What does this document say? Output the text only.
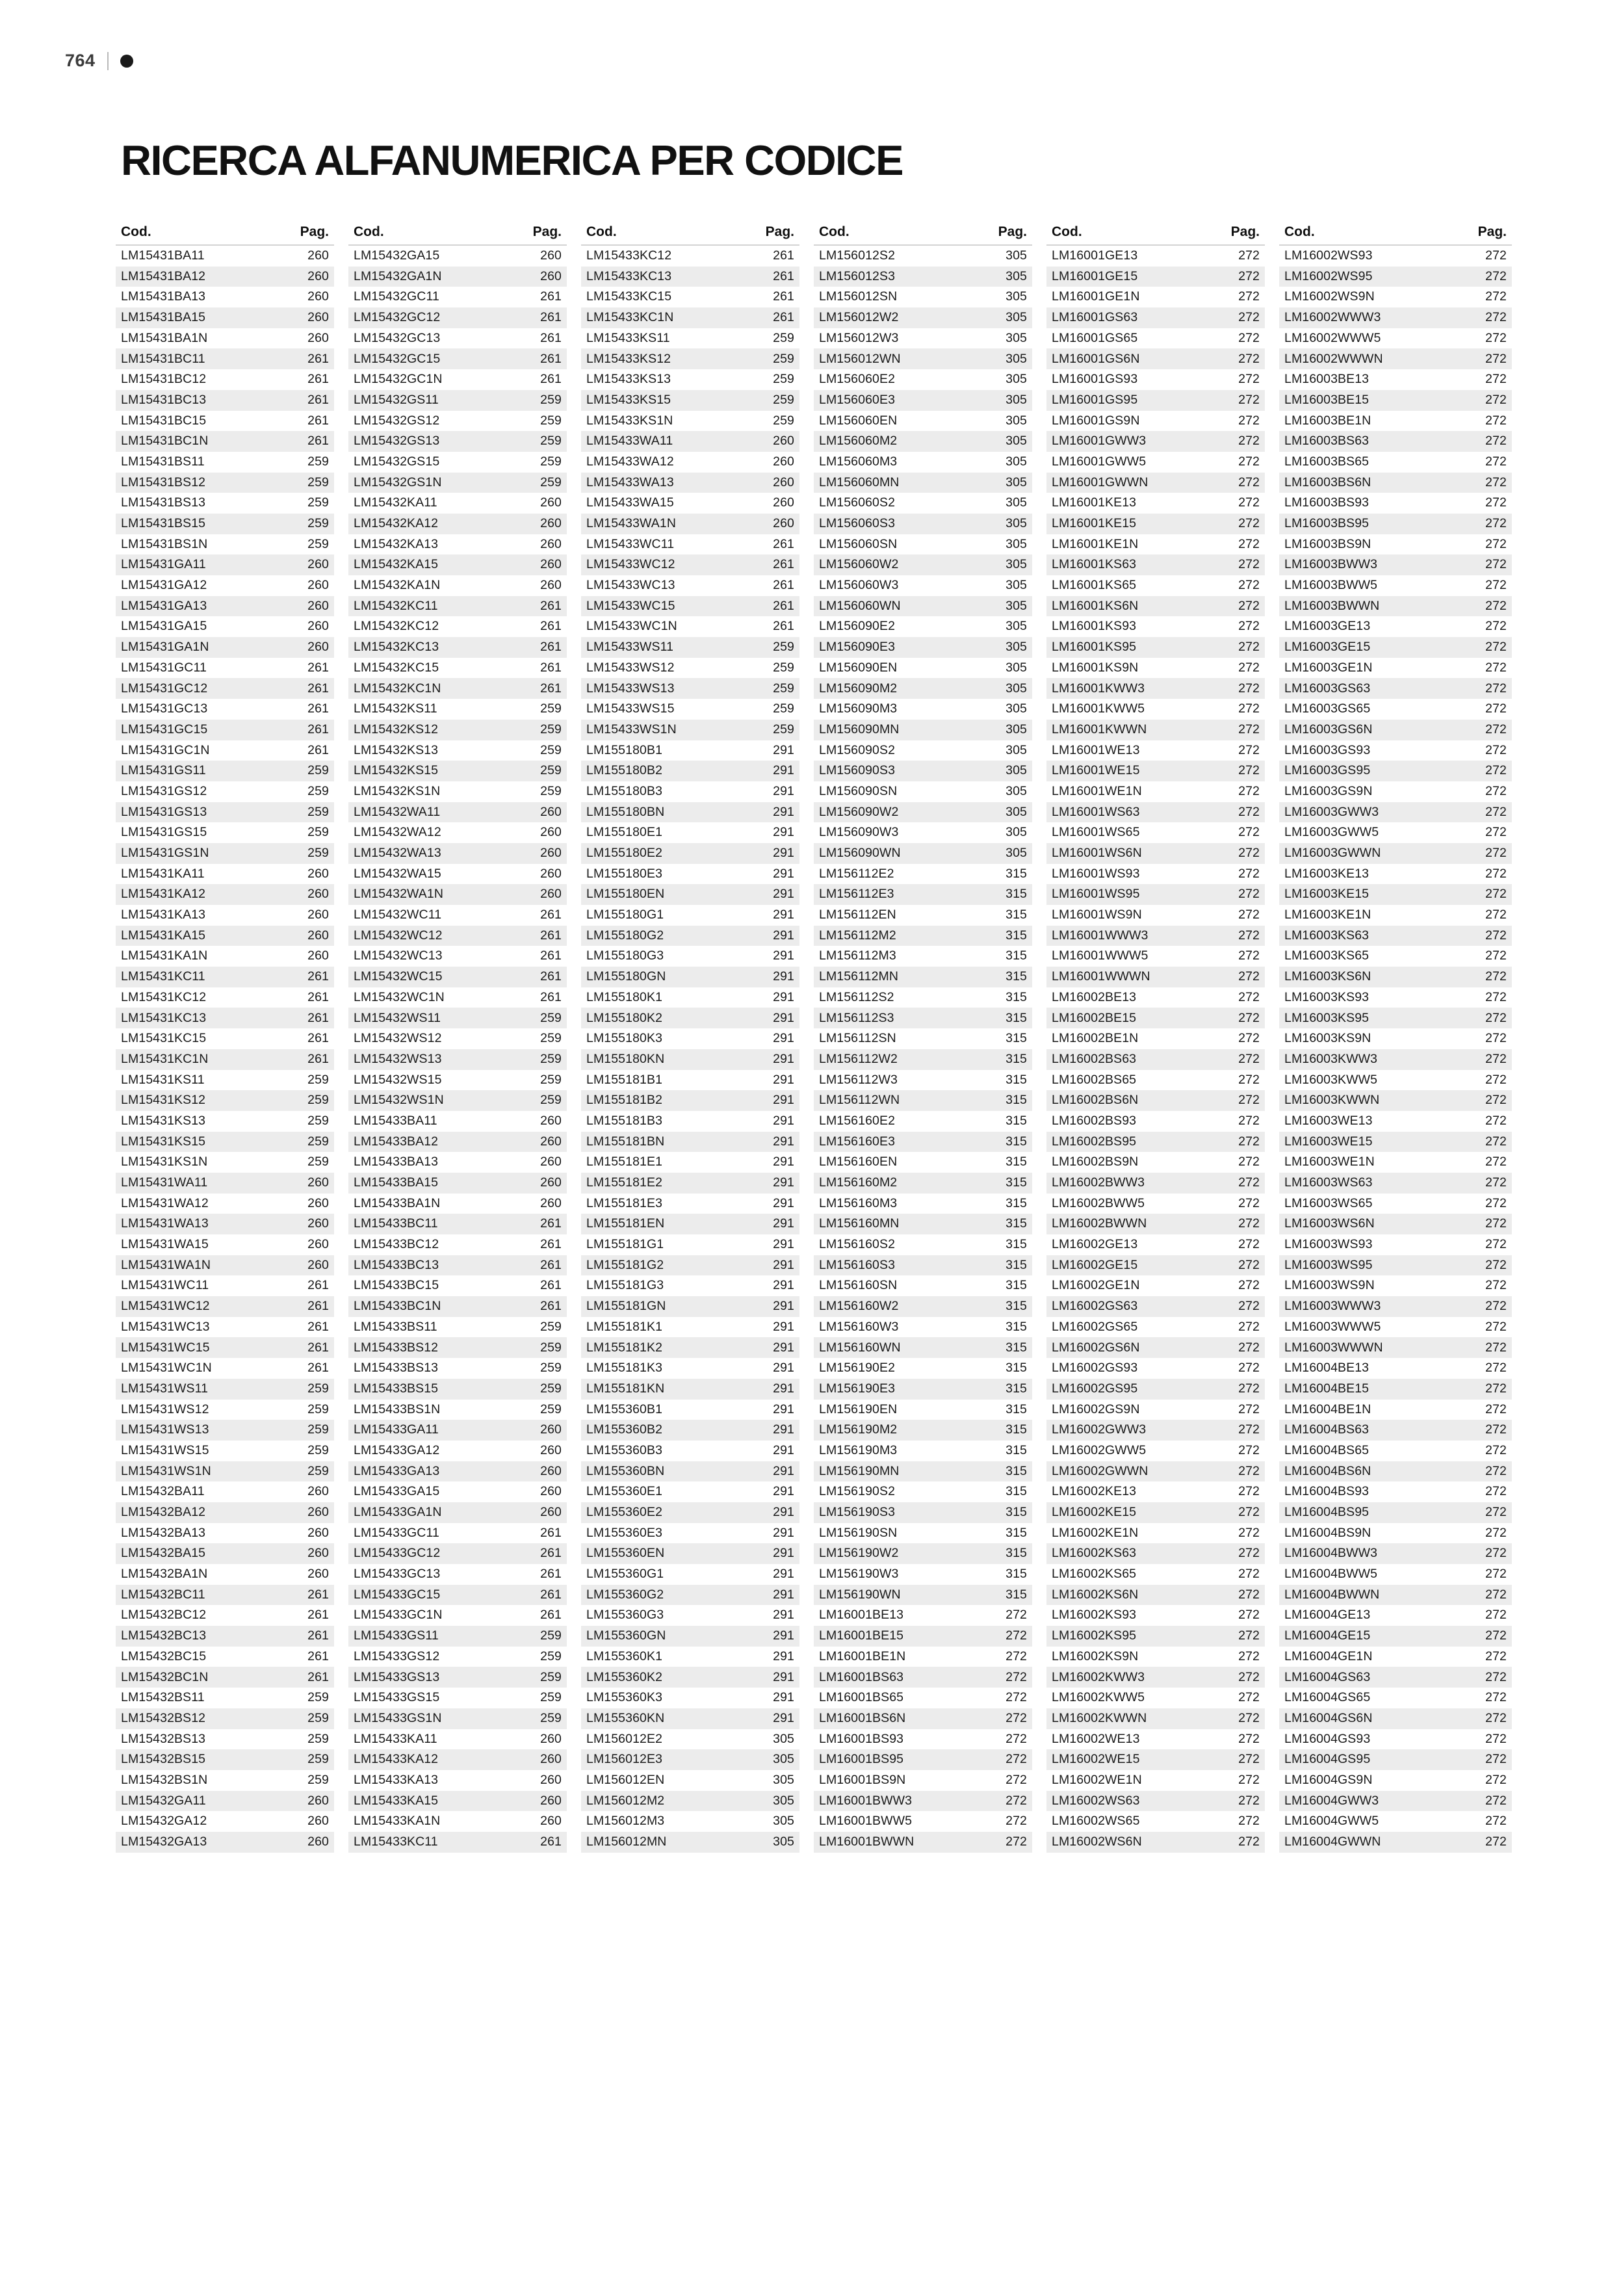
764
RICERCA ALFANUMERICA PER CODICE
Cod.	Pag.
LM15431BA11	260
LM15431BA12	260
LM15431BA13	260
LM15431BA15	260
LM15431BA1N	260
LM15431BC11	261
LM15431BC12	261
LM15431BC13	261
LM15431BC15	261
LM15431BC1N	261
LM15431BS11	259
LM15431BS12	259
LM15431BS13	259
LM15431BS15	259
LM15431BS1N	259
LM15431GA11	260
LM15431GA12	260
LM15431GA13	260
LM15431GA15	260
LM15431GA1N	260
LM15431GC11	261
LM15431GC12	261
LM15431GC13	261
LM15431GC15	261
LM15431GC1N	261
LM15431GS11	259
LM15431GS12	259
LM15431GS13	259
LM15431GS15	259
LM15431GS1N	259
LM15431KA11	260
LM15431KA12	260
LM15431KA13	260
LM15431KA15	260
LM15431KA1N	260
LM15431KC11	261
LM15431KC12	261
LM15431KC13	261
LM15431KC15	261
LM15431KC1N	261
LM15431KS11	259
LM15431KS12	259
LM15431KS13	259
LM15431KS15	259
LM15431KS1N	259
LM15431WA11	260
LM15431WA12	260
LM15431WA13	260
LM15431WA15	260
LM15431WA1N	260
LM15431WC11	261
LM15431WC12	261
LM15431WC13	261
LM15431WC15	261
LM15431WC1N	261
LM15431WS11	259
LM15431WS12	259
LM15431WS13	259
LM15431WS15	259
LM15431WS1N	259
LM15432BA11	260
LM15432BA12	260
LM15432BA13	260
LM15432BA15	260
LM15432BA1N	260
LM15432BC11	261
LM15432BC12	261
LM15432BC13	261
LM15432BC15	261
LM15432BC1N	261
LM15432BS11	259
LM15432BS12	259
LM15432BS13	259
LM15432BS15	259
LM15432BS1N	259
LM15432GA11	260
LM15432GA12	260
LM15432GA13	260
Cod.	Pag.
LM15432GA15	260
LM15432GA1N	260
LM15432GC11	261
LM15432GC12	261
LM15432GC13	261
LM15432GC15	261
LM15432GC1N	261
LM15432GS11	259
LM15432GS12	259
LM15432GS13	259
LM15432GS15	259
LM15432GS1N	259
LM15432KA11	260
LM15432KA12	260
LM15432KA13	260
LM15432KA15	260
LM15432KA1N	260
LM15432KC11	261
LM15432KC12	261
LM15432KC13	261
LM15432KC15	261
LM15432KC1N	261
LM15432KS11	259
LM15432KS12	259
LM15432KS13	259
LM15432KS15	259
LM15432KS1N	259
LM15432WA11	260
LM15432WA12	260
LM15432WA13	260
LM15432WA15	260
LM15432WA1N	260
LM15432WC11	261
LM15432WC12	261
LM15432WC13	261
LM15432WC15	261
LM15432WC1N	261
LM15432WS11	259
LM15432WS12	259
LM15432WS13	259
LM15432WS15	259
LM15432WS1N	259
LM15433BA11	260
LM15433BA12	260
LM15433BA13	260
LM15433BA15	260
LM15433BA1N	260
LM15433BC11	261
LM15433BC12	261
LM15433BC13	261
LM15433BC15	261
LM15433BC1N	261
LM15433BS11	259
LM15433BS12	259
LM15433BS13	259
LM15433BS15	259
LM15433BS1N	259
LM15433GA11	260
LM15433GA12	260
LM15433GA13	260
LM15433GA15	260
LM15433GA1N	260
LM15433GC11	261
LM15433GC12	261
LM15433GC13	261
LM15433GC15	261
LM15433GC1N	261
LM15433GS11	259
LM15433GS12	259
LM15433GS13	259
LM15433GS15	259
LM15433GS1N	259
LM15433KA11	260
LM15433KA12	260
LM15433KA13	260
LM15433KA15	260
LM15433KA1N	260
LM15433KC11	261
Cod.	Pag.
LM15433KC12	261
LM15433KC13	261
LM15433KC15	261
LM15433KC1N	261
LM15433KS11	259
LM15433KS12	259
LM15433KS13	259
LM15433KS15	259
LM15433KS1N	259
LM15433WA11	260
LM15433WA12	260
LM15433WA13	260
LM15433WA15	260
LM15433WA1N	260
LM15433WC11	261
LM15433WC12	261
LM15433WC13	261
LM15433WC15	261
LM15433WC1N	261
LM15433WS11	259
LM15433WS12	259
LM15433WS13	259
LM15433WS15	259
LM15433WS1N	259
LM155180B1	291
LM155180B2	291
LM155180B3	291
LM155180BN	291
LM155180E1	291
LM155180E2	291
LM155180E3	291
LM155180EN	291
LM155180G1	291
LM155180G2	291
LM155180G3	291
LM155180GN	291
LM155180K1	291
LM155180K2	291
LM155180K3	291
LM155180KN	291
LM155181B1	291
LM155181B2	291
LM155181B3	291
LM155181BN	291
LM155181E1	291
LM155181E2	291
LM155181E3	291
LM155181EN	291
LM155181G1	291
LM155181G2	291
LM155181G3	291
LM155181GN	291
LM155181K1	291
LM155181K2	291
LM155181K3	291
LM155181KN	291
LM155360B1	291
LM155360B2	291
LM155360B3	291
LM155360BN	291
LM155360E1	291
LM155360E2	291
LM155360E3	291
LM155360EN	291
LM155360G1	291
LM155360G2	291
LM155360G3	291
LM155360GN	291
LM155360K1	291
LM155360K2	291
LM155360K3	291
LM155360KN	291
LM156012E2	305
LM156012E3	305
LM156012EN	305
LM156012M2	305
LM156012M3	305
LM156012MN	305
Cod.	Pag.
LM156012S2	305
LM156012S3	305
LM156012SN	305
LM156012W2	305
LM156012W3	305
LM156012WN	305
LM156060E2	305
LM156060E3	305
LM156060EN	305
LM156060M2	305
LM156060M3	305
LM156060MN	305
LM156060S2	305
LM156060S3	305
LM156060SN	305
LM156060W2	305
LM156060W3	305
LM156060WN	305
LM156090E2	305
LM156090E3	305
LM156090EN	305
LM156090M2	305
LM156090M3	305
LM156090MN	305
LM156090S2	305
LM156090S3	305
LM156090SN	305
LM156090W2	305
LM156090W3	305
LM156090WN	305
LM156112E2	315
LM156112E3	315
LM156112EN	315
LM156112M2	315
LM156112M3	315
LM156112MN	315
LM156112S2	315
LM156112S3	315
LM156112SN	315
LM156112W2	315
LM156112W3	315
LM156112WN	315
LM156160E2	315
LM156160E3	315
LM156160EN	315
LM156160M2	315
LM156160M3	315
LM156160MN	315
LM156160S2	315
LM156160S3	315
LM156160SN	315
LM156160W2	315
LM156160W3	315
LM156160WN	315
LM156190E2	315
LM156190E3	315
LM156190EN	315
LM156190M2	315
LM156190M3	315
LM156190MN	315
LM156190S2	315
LM156190S3	315
LM156190SN	315
LM156190W2	315
LM156190W3	315
LM156190WN	315
LM16001BE13	272
LM16001BE15	272
LM16001BE1N	272
LM16001BS63	272
LM16001BS65	272
LM16001BS6N	272
LM16001BS93	272
LM16001BS95	272
LM16001BS9N	272
LM16001BWW3	272
LM16001BWW5	272
LM16001BWWN	272
Cod.	Pag.
LM16001GE13	272
LM16001GE15	272
LM16001GE1N	272
LM16001GS63	272
LM16001GS65	272
LM16001GS6N	272
LM16001GS93	272
LM16001GS95	272
LM16001GS9N	272
LM16001GWW3	272
LM16001GWW5	272
LM16001GWWN	272
LM16001KE13	272
LM16001KE15	272
LM16001KE1N	272
LM16001KS63	272
LM16001KS65	272
LM16001KS6N	272
LM16001KS93	272
LM16001KS95	272
LM16001KS9N	272
LM16001KWW3	272
LM16001KWW5	272
LM16001KWWN	272
LM16001WE13	272
LM16001WE15	272
LM16001WE1N	272
LM16001WS63	272
LM16001WS65	272
LM16001WS6N	272
LM16001WS93	272
LM16001WS95	272
LM16001WS9N	272
LM16001WWW3	272
LM16001WWW5	272
LM16001WWWN	272
LM16002BE13	272
LM16002BE15	272
LM16002BE1N	272
LM16002BS63	272
LM16002BS65	272
LM16002BS6N	272
LM16002BS93	272
LM16002BS95	272
LM16002BS9N	272
LM16002BWW3	272
LM16002BWW5	272
LM16002BWWN	272
LM16002GE13	272
LM16002GE15	272
LM16002GE1N	272
LM16002GS63	272
LM16002GS65	272
LM16002GS6N	272
LM16002GS93	272
LM16002GS95	272
LM16002GS9N	272
LM16002GWW3	272
LM16002GWW5	272
LM16002GWWN	272
LM16002KE13	272
LM16002KE15	272
LM16002KE1N	272
LM16002KS63	272
LM16002KS65	272
LM16002KS6N	272
LM16002KS93	272
LM16002KS95	272
LM16002KS9N	272
LM16002KWW3	272
LM16002KWW5	272
LM16002KWWN	272
LM16002WE13	272
LM16002WE15	272
LM16002WE1N	272
LM16002WS63	272
LM16002WS65	272
LM16002WS6N	272
Cod.	Pag.
LM16002WS93	272
LM16002WS95	272
LM16002WS9N	272
LM16002WWW3	272
LM16002WWW5	272
LM16002WWWN	272
LM16003BE13	272
LM16003BE15	272
LM16003BE1N	272
LM16003BS63	272
LM16003BS65	272
LM16003BS6N	272
LM16003BS93	272
LM16003BS95	272
LM16003BS9N	272
LM16003BWW3	272
LM16003BWW5	272
LM16003BWWN	272
LM16003GE13	272
LM16003GE15	272
LM16003GE1N	272
LM16003GS63	272
LM16003GS65	272
LM16003GS6N	272
LM16003GS93	272
LM16003GS95	272
LM16003GS9N	272
LM16003GWW3	272
LM16003GWW5	272
LM16003GWWN	272
LM16003KE13	272
LM16003KE15	272
LM16003KE1N	272
LM16003KS63	272
LM16003KS65	272
LM16003KS6N	272
LM16003KS93	272
LM16003KS95	272
LM16003KS9N	272
LM16003KWW3	272
LM16003KWW5	272
LM16003KWWN	272
LM16003WE13	272
LM16003WE15	272
LM16003WE1N	272
LM16003WS63	272
LM16003WS65	272
LM16003WS6N	272
LM16003WS93	272
LM16003WS95	272
LM16003WS9N	272
LM16003WWW3	272
LM16003WWW5	272
LM16003WWWN	272
LM16004BE13	272
LM16004BE15	272
LM16004BE1N	272
LM16004BS63	272
LM16004BS65	272
LM16004BS6N	272
LM16004BS93	272
LM16004BS95	272
LM16004BS9N	272
LM16004BWW3	272
LM16004BWW5	272
LM16004BWWN	272
LM16004GE13	272
LM16004GE15	272
LM16004GE1N	272
LM16004GS63	272
LM16004GS65	272
LM16004GS6N	272
LM16004GS93	272
LM16004GS95	272
LM16004GS9N	272
LM16004GWW3	272
LM16004GWW5	272
LM16004GWWN	272
